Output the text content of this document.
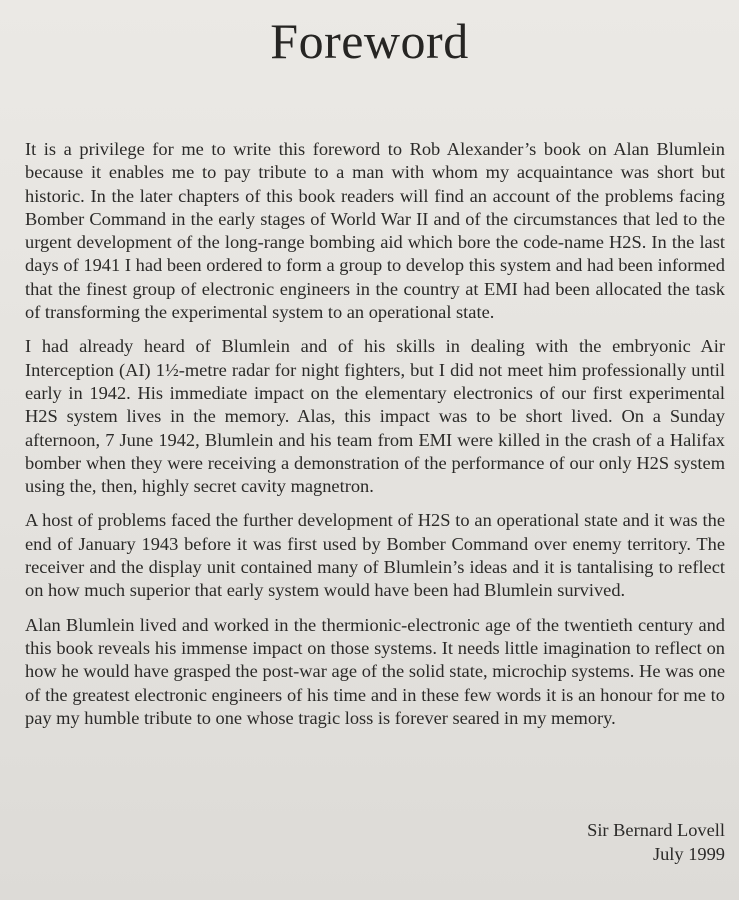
Foreword

It is a privilege for me to write this foreword to Rob Alexander’s book on Alan Blumlein because it enables me to pay tribute to a man with whom my acquaintance was short but historic. In the later chapters of this book readers will find an account of the problems facing Bomber Command in the early stages of World War II and of the circumstances that led to the urgent development of the long-range bombing aid which bore the code-name H2S. In the last days of 1941 I had been ordered to form a group to develop this system and had been informed that the finest group of electronic engineers in the country at EMI had been allocated the task of transforming the experimental system to an operational state.

I had already heard of Blumlein and of his skills in dealing with the embryonic Air Interception (AI) 1½-metre radar for night fighters, but I did not meet him professionally until early in 1942. His immediate impact on the elementary electronics of our first experimental H2S system lives in the memory. Alas, this impact was to be short lived. On a Sunday afternoon, 7 June 1942, Blumlein and his team from EMI were killed in the crash of a Halifax bomber when they were receiving a demonstration of the performance of our only H2S system using the, then, highly secret cavity magnetron.

A host of problems faced the further development of H2S to an operational state and it was the end of January 1943 before it was first used by Bomber Command over enemy territory. The receiver and the display unit contained many of Blumlein’s ideas and it is tantalising to reflect on how much superior that early system would have been had Blumlein survived.

Alan Blumlein lived and worked in the thermionic-electronic age of the twentieth century and this book reveals his immense impact on those systems. It needs little imagination to reflect on how he would have grasped the post-war age of the solid state, microchip systems. He was one of the greatest electronic engineers of his time and in these few words it is an honour for me to pay my humble tribute to one whose tragic loss is forever seared in my memory.

Sir Bernard Lovell
July 1999
